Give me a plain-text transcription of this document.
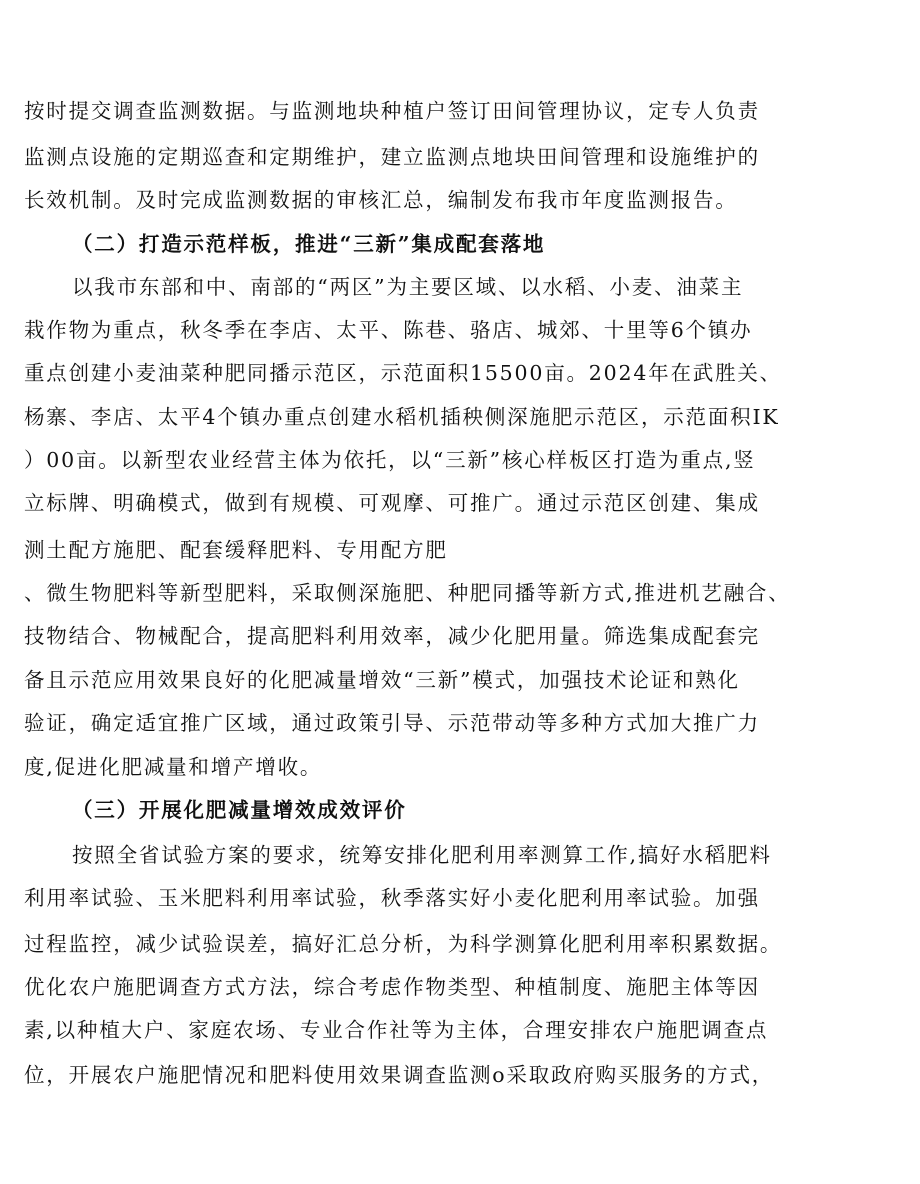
按时提交调查监测数据。与监测地块种植户签订田间管理协议，定专人负责
监测点设施的定期巡查和定期维护，建立监测点地块田间管理和设施维护的
长效机制。及时完成监测数据的审核汇总，编制发布我市年度监测报告。
（二）打造示范样板，推进“三新”集成配套落地
以我市东部和中、南部的“两区”为主要区域、以水稻、小麦、油菜主
栽作物为重点，秋冬季在李店、太平、陈巷、骆店、城郊、十里等6个镇办
重点创建小麦油菜种肥同播示范区，示范面积15500亩。2024年在武胜关、
杨寨、李店、太平4个镇办重点创建水稻机插秧侧深施肥示范区，示范面积IK
）00亩。以新型农业经营主体为依托，以“三新”核心样板区打造为重点,竖
立标牌、明确模式，做到有规模、可观摩、可推广。通过示范区创建、集成
测土配方施肥、配套缓释肥料、专用配方肥
、微生物肥料等新型肥料，采取侧深施肥、种肥同播等新方式,推进机艺融合、
技物结合、物械配合，提高肥料利用效率，减少化肥用量。筛选集成配套完
备且示范应用效果良好的化肥减量增效“三新”模式，加强技术论证和熟化
验证，确定适宜推广区域，通过政策引导、示范带动等多种方式加大推广力
度,促进化肥减量和增产增收。
（三）开展化肥减量增效成效评价
按照全省试验方案的要求，统筹安排化肥利用率测算工作,搞好水稻肥料
利用率试验、玉米肥料利用率试验，秋季落实好小麦化肥利用率试验。加强
过程监控，减少试验误差，搞好汇总分析，为科学测算化肥利用率积累数据。
优化农户施肥调查方式方法，综合考虑作物类型、种植制度、施肥主体等因
素,以种植大户、家庭农场、专业合作社等为主体，合理安排农户施肥调查点
位，开展农户施肥情况和肥料使用效果调查监测o采取政府购买服务的方式，
